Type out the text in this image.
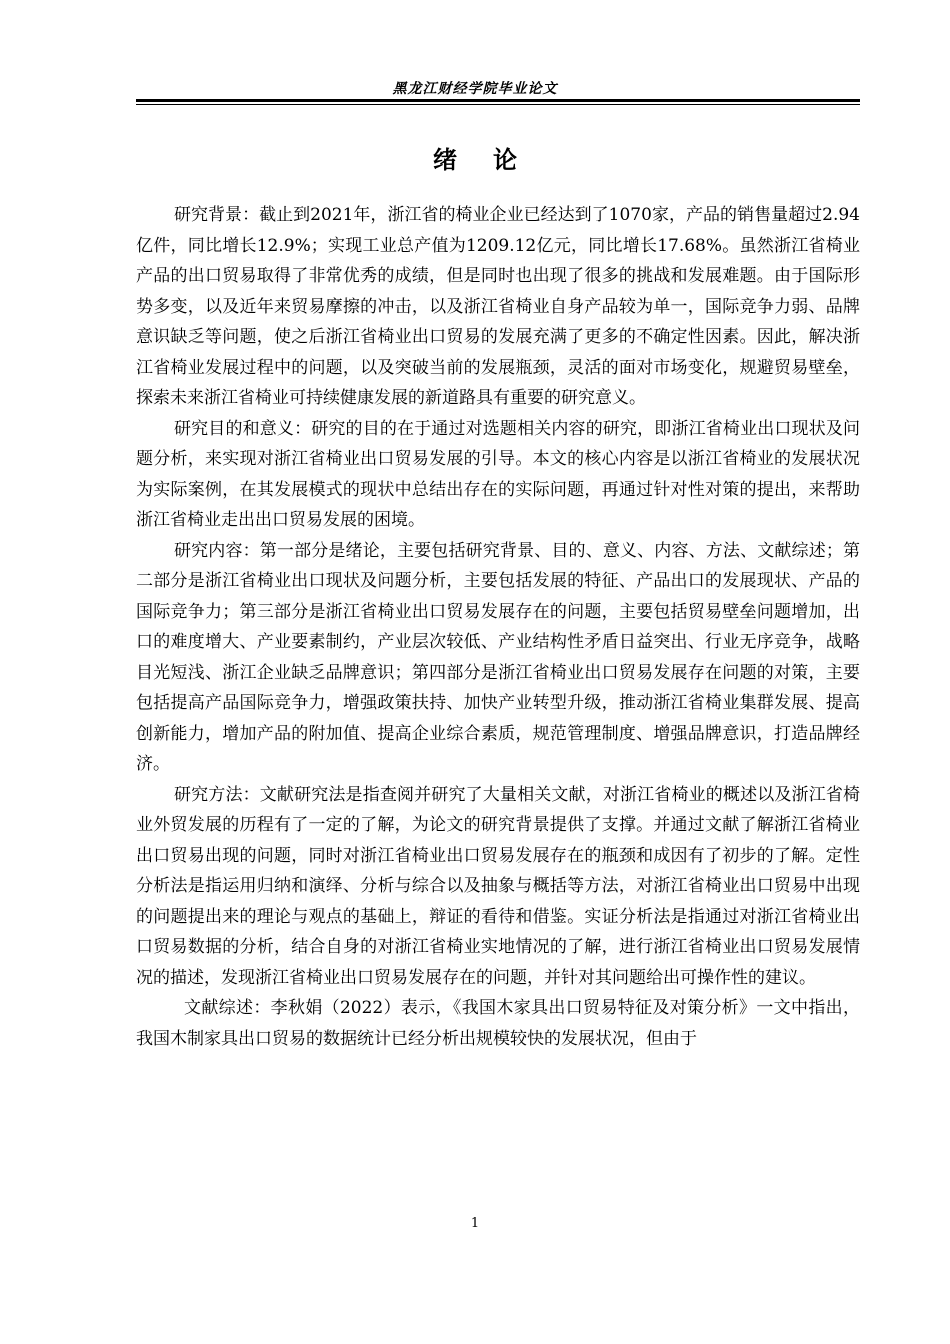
黑龙江财经学院毕业论文
绪论

研究背景：截止到2021年，浙江省的椅业企业已经达到了1070家，产品的销售量超过2.94亿件，同比增长12.9%；实现工业总产值为1209.12亿元，同比增长17.68%。虽然浙江省椅业产品的出口贸易取得了非常优秀的成绩，但是同时也出现了很多的挑战和发展难题。由于国际形势多变，以及近年来贸易摩擦的冲击，以及浙江省椅业自身产品较为单一，国际竞争力弱、品牌意识缺乏等问题，使之后浙江省椅业出口贸易的发展充满了更多的不确定性因素。因此，解决浙江省椅业发展过程中的问题，以及突破当前的发展瓶颈，灵活的面对市场变化，规避贸易壁垒，探索未来浙江省椅业可持续健康发展的新道路具有重要的研究意义。

研究目的和意义：研究的目的在于通过对选题相关内容的研究，即浙江省椅业出口现状及问题分析，来实现对浙江省椅业出口贸易发展的引导。本文的核心内容是以浙江省椅业的发展状况为实际案例，在其发展模式的现状中总结出存在的实际问题，再通过针对性对策的提出，来帮助浙江省椅业走出出口贸易发展的困境。

研究内容：第一部分是绪论，主要包括研究背景、目的、意义、内容、方法、文献综述；第二部分是浙江省椅业出口现状及问题分析，主要包括发展的特征、产品出口的发展现状、产品的国际竞争力；第三部分是浙江省椅业出口贸易发展存在的问题，主要包括贸易壁垒问题增加，出口的难度增大、产业要素制约，产业层次较低、产业结构性矛盾日益突出、行业无序竞争，战略目光短浅、浙江企业缺乏品牌意识；第四部分是浙江省椅业出口贸易发展存在问题的对策，主要包括提高产品国际竞争力，增强政策扶持、加快产业转型升级，推动浙江省椅业集群发展、提高创新能力，增加产品的附加值、提高企业综合素质，规范管理制度、增强品牌意识，打造品牌经济。

研究方法：文献研究法是指查阅并研究了大量相关文献，对浙江省椅业的概述以及浙江省椅业外贸发展的历程有了一定的了解，为论文的研究背景提供了支撑。并通过文献了解浙江省椅业出口贸易出现的问题，同时对浙江省椅业出口贸易发展存在的瓶颈和成因有了初步的了解。定性分析法是指运用归纳和演绎、分析与综合以及抽象与概括等方法，对浙江省椅业出口贸易中出现的问题提出来的理论与观点的基础上，辩证的看待和借鉴。实证分析法是指通过对浙江省椅业出口贸易数据的分析，结合自身的对浙江省椅业实地情况的了解，进行浙江省椅业出口贸易发展情况的描述，发现浙江省椅业出口贸易发展存在的问题，并针对其问题给出可操作性的建议。

文献综述：李秋娟（2022）表示，《我国木家具出口贸易特征及对策分析》一文中指出，我国木制家具出口贸易的数据统计已经分析出规模较快的发展状况，但由于

1
